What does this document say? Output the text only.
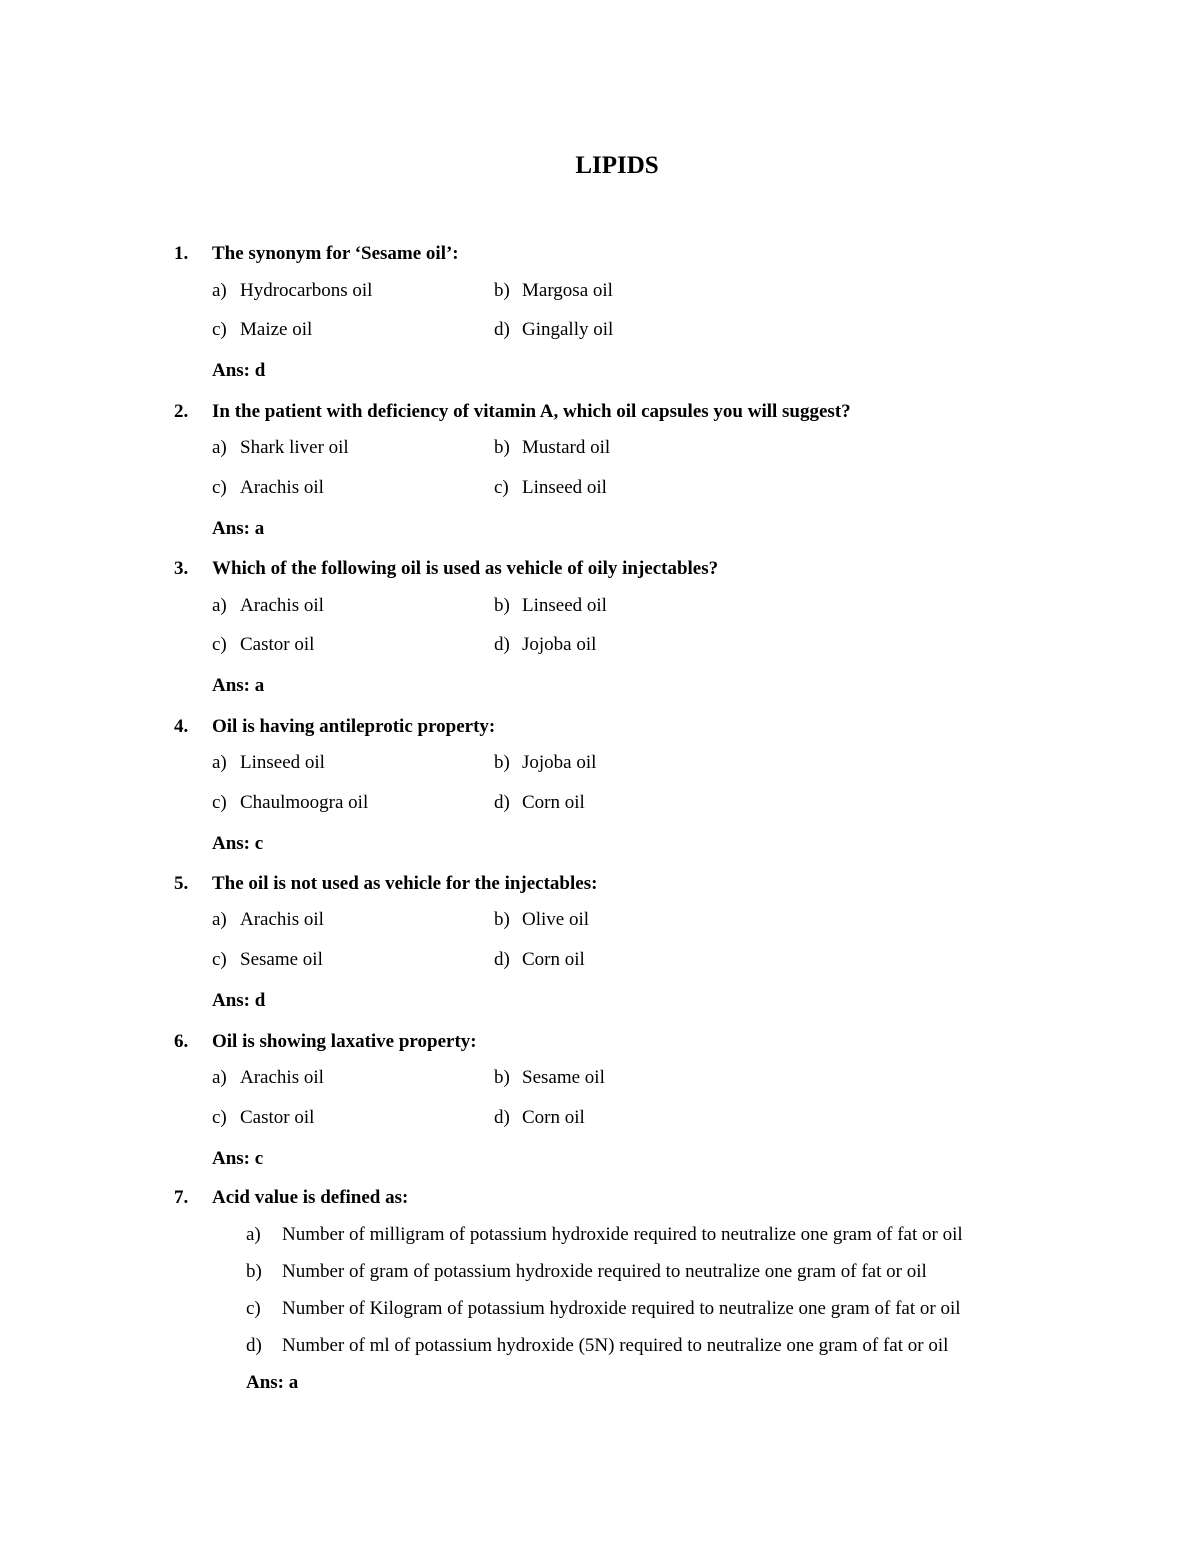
LIPIDS
1. The synonym for ‘Sesame oil’:
a) Hydrocarbons oil	b) Margosa oil
c) Maize oil	d) Gingally oil
Ans: d
2. In the patient with deficiency of vitamin A, which oil capsules you will suggest?
a) Shark liver oil	b) Mustard oil
c) Arachis oil	c) Linseed oil
Ans: a
3. Which of the following oil is used as vehicle of oily injectables?
a) Arachis oil	b) Linseed oil
c) Castor oil	d) Jojoba oil
Ans: a
4. Oil is having antileprotic property:
a) Linseed oil	b) Jojoba oil
c) Chaulmoogra oil	d) Corn oil
Ans: c
5. The oil is not used as vehicle for the injectables:
a) Arachis oil	b) Olive oil
c) Sesame oil	d) Corn oil
Ans: d
6. Oil is showing laxative property:
a) Arachis oil	b) Sesame oil
c) Castor oil	d) Corn oil
Ans: c
7. Acid value is defined as:
a) Number of milligram of potassium hydroxide required to neutralize one gram of fat or oil
b) Number of gram of potassium hydroxide required to neutralize one gram of fat or oil
c) Number of Kilogram of potassium hydroxide required to neutralize one gram of fat or oil
d) Number of ml of potassium hydroxide (5N) required to neutralize one gram of fat or oil
Ans: a
